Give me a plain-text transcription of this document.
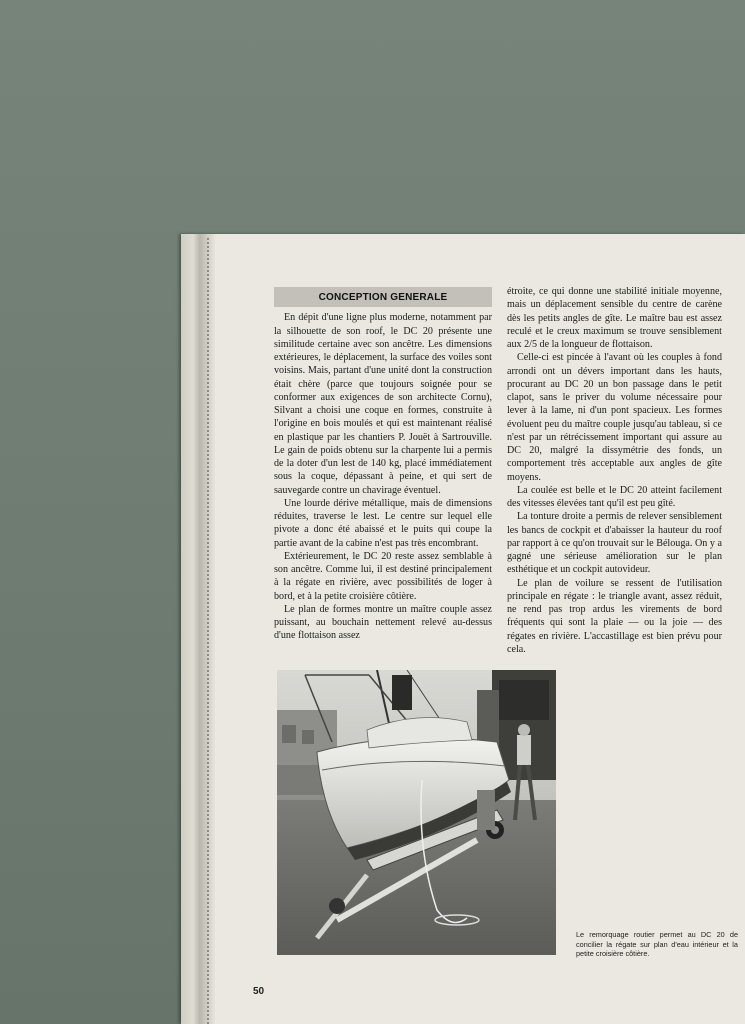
CONCEPTION GENERALE

En dépit d'une ligne plus moderne, notamment par la silhouette de son roof, le DC 20 présente une similitude certaine avec son ancêtre. Les dimensions extérieures, le déplacement, la surface des voiles sont voisins. Mais, partant d'une unité dont la construction était chère (parce que toujours soignée pour se conformer aux exigences de son architecte Cornu), Silvant a choisi une coque en formes, construite à l'origine en bois moulés et qui est maintenant réalisé en plastique par les chantiers P. Jouët à Sartrouville. Le gain de poids obtenu sur la charpente lui a permis de la doter d'un lest de 140 kg, placé immédiatement sous la coque, dépassant à peine, et qui sert de sauvegarde contre un chavirage éventuel.

Une lourde dérive métallique, mais de dimensions réduites, traverse le lest. Le centre sur lequel elle pivote a donc été abaissé et le puits qui coupe la partie avant de la cabine n'est pas très encombrant.

Extérieurement, le DC 20 reste assez semblable à son ancêtre. Comme lui, il est destiné principalement à la régate en rivière, avec possibilités de loger à bord, et à la petite croisière côtière.

Le plan de formes montre un maître couple assez puissant, au bouchain nettement relevé au-dessus d'une flottaison assez

étroite, ce qui donne une stabilité initiale moyenne, mais un déplacement sensible du centre de carène dès les petits angles de gîte. Le maître bau est assez reculé et le creux maximum se trouve sensiblement aux 2/5 de la longueur de flottaison.

Celle-ci est pincée à l'avant où les couples à fond arrondi ont un dévers important dans les hauts, procurant au DC 20 un bon passage dans le petit clapot, sans le priver du volume nécessaire pour lever à la lame, ni d'un pont spacieux. Les formes évoluent peu du maître couple jusqu'au tableau, si ce n'est par un rétrécissement important qui assure au DC 20, malgré la dissymétrie des fonds, un comportement très acceptable aux angles de gîte moyens.

La coulée est belle et le DC 20 atteint facilement des vitesses élevées tant qu'il est peu gîté.

La tonture droite a permis de relever sensiblement les bancs de cockpit et d'abaisser la hauteur du roof par rapport à ce qu'on trouvait sur le Bélouga. On y a gagné une sérieuse amélioration sur le plan esthétique et un cockpit autovideur.

Le plan de voilure se ressent de l'utilisation principale en régate : le triangle avant, assez réduit, ne rend pas trop ardus les virements de bord fréquents qui sont la plaie — ou la joie — des régates en rivière. L'accastillage est bien prévu pour cela.

Le remorquage routier permet au DC 20 de concilier la régate sur plan d'eau intérieur et la petite croisière côtière.
50
